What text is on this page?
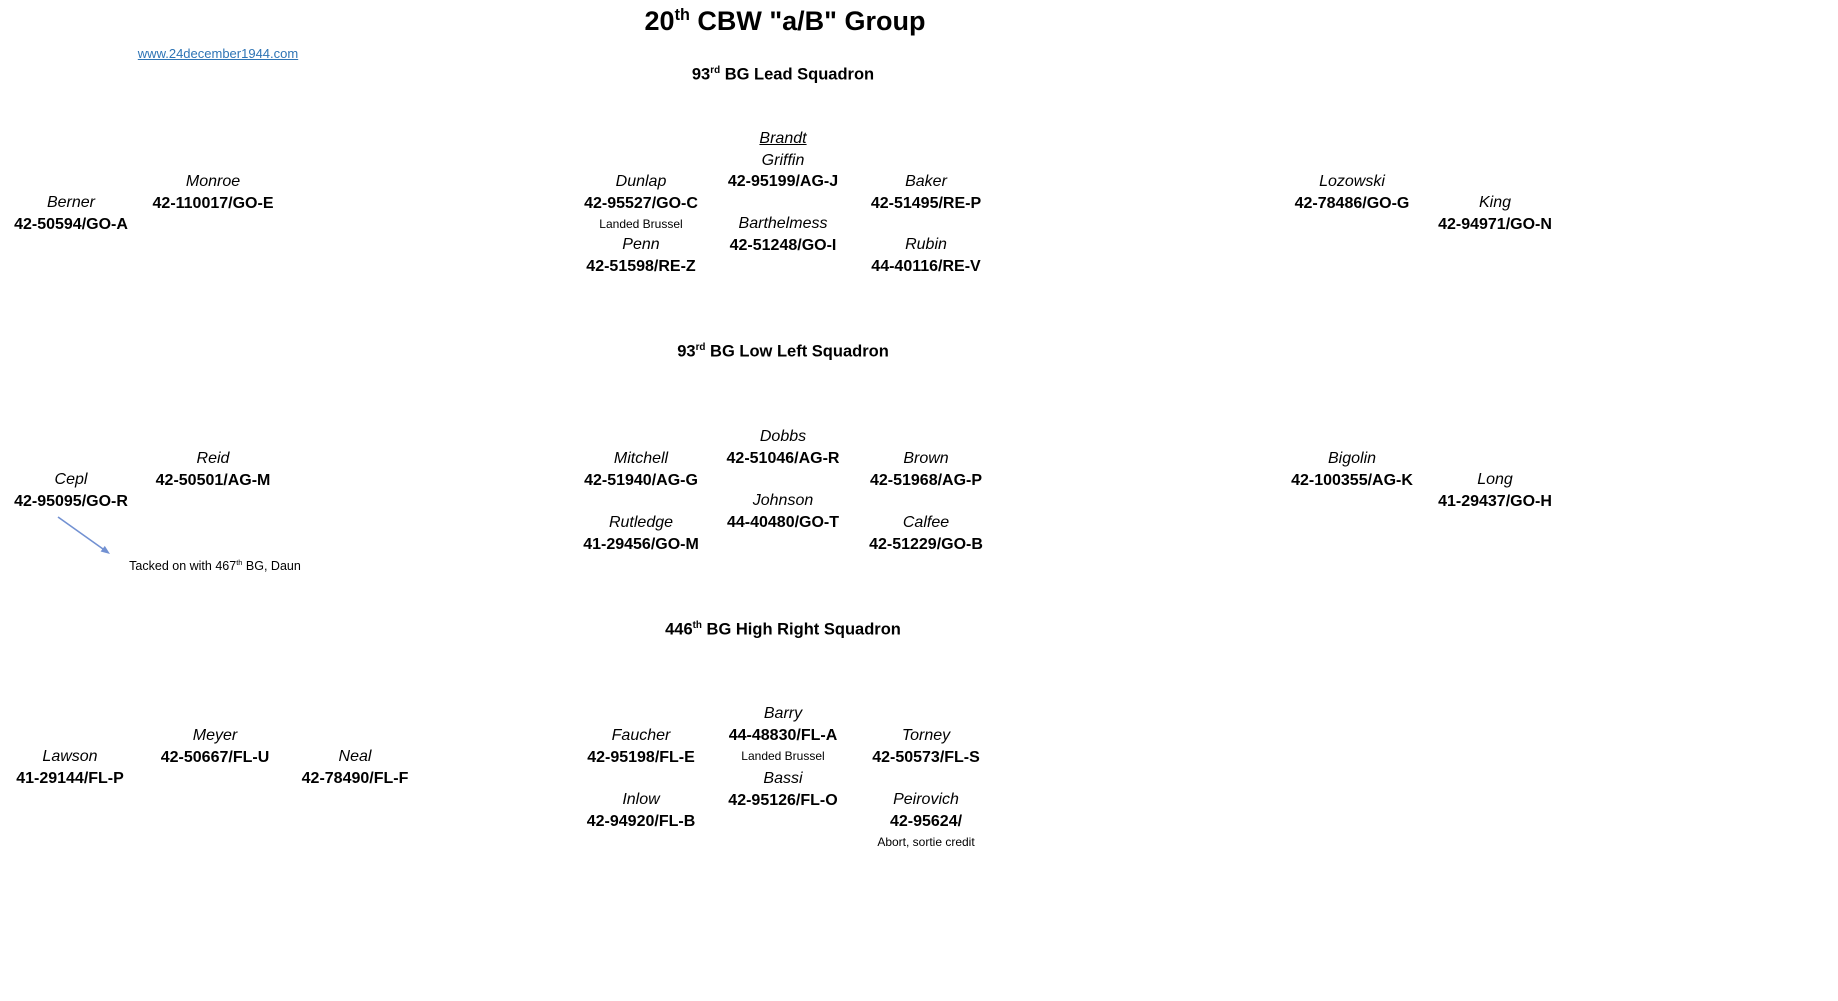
20th CBW "a/B" Group
www.24december1944.com
93rd BG Lead Squadron
Brandt
Griffin
42-95199/AG-J
Dunlap
42-95527/GO-C
Landed Brussel
Baker
42-51495/RE-P
Monroe
42-110017/GO-E
Berner
42-50594/GO-A
Lozowski
42-78486/GO-G	King
42-94971/GO-N
Barthelmess
42-51248/GO-I
Penn
42-51598/RE-Z
Rubin
44-40116/RE-V
93rd BG Low Left Squadron
Dobbs
42-51046/AG-R
Mitchell
42-51940/AG-G
Brown
42-51968/AG-P
Reid
42-50501/AG-M
Cepl
42-95095/GO-R
Bigolin
42-100355/AG-K	Long
41-29437/GO-H
Johnson
44-40480/GO-T
Rutledge
41-29456/GO-M
Calfee
42-51229/GO-B
446th BG High Right Squadron
Barry
44-48830/FL-A
Landed Brussel
Faucher
42-95198/FL-E
Torney
42-50573/FL-S
Meyer
42-50667/FL-U
Lawson
41-29144/FL-P
Neal
42-78490/FL-F	Bassi
42-95126/FL-O
Inlow
42-94920/FL-B
Peirovich
42-95624/
Abort, sortie credit
Tacked on with 467th BG, Daun
